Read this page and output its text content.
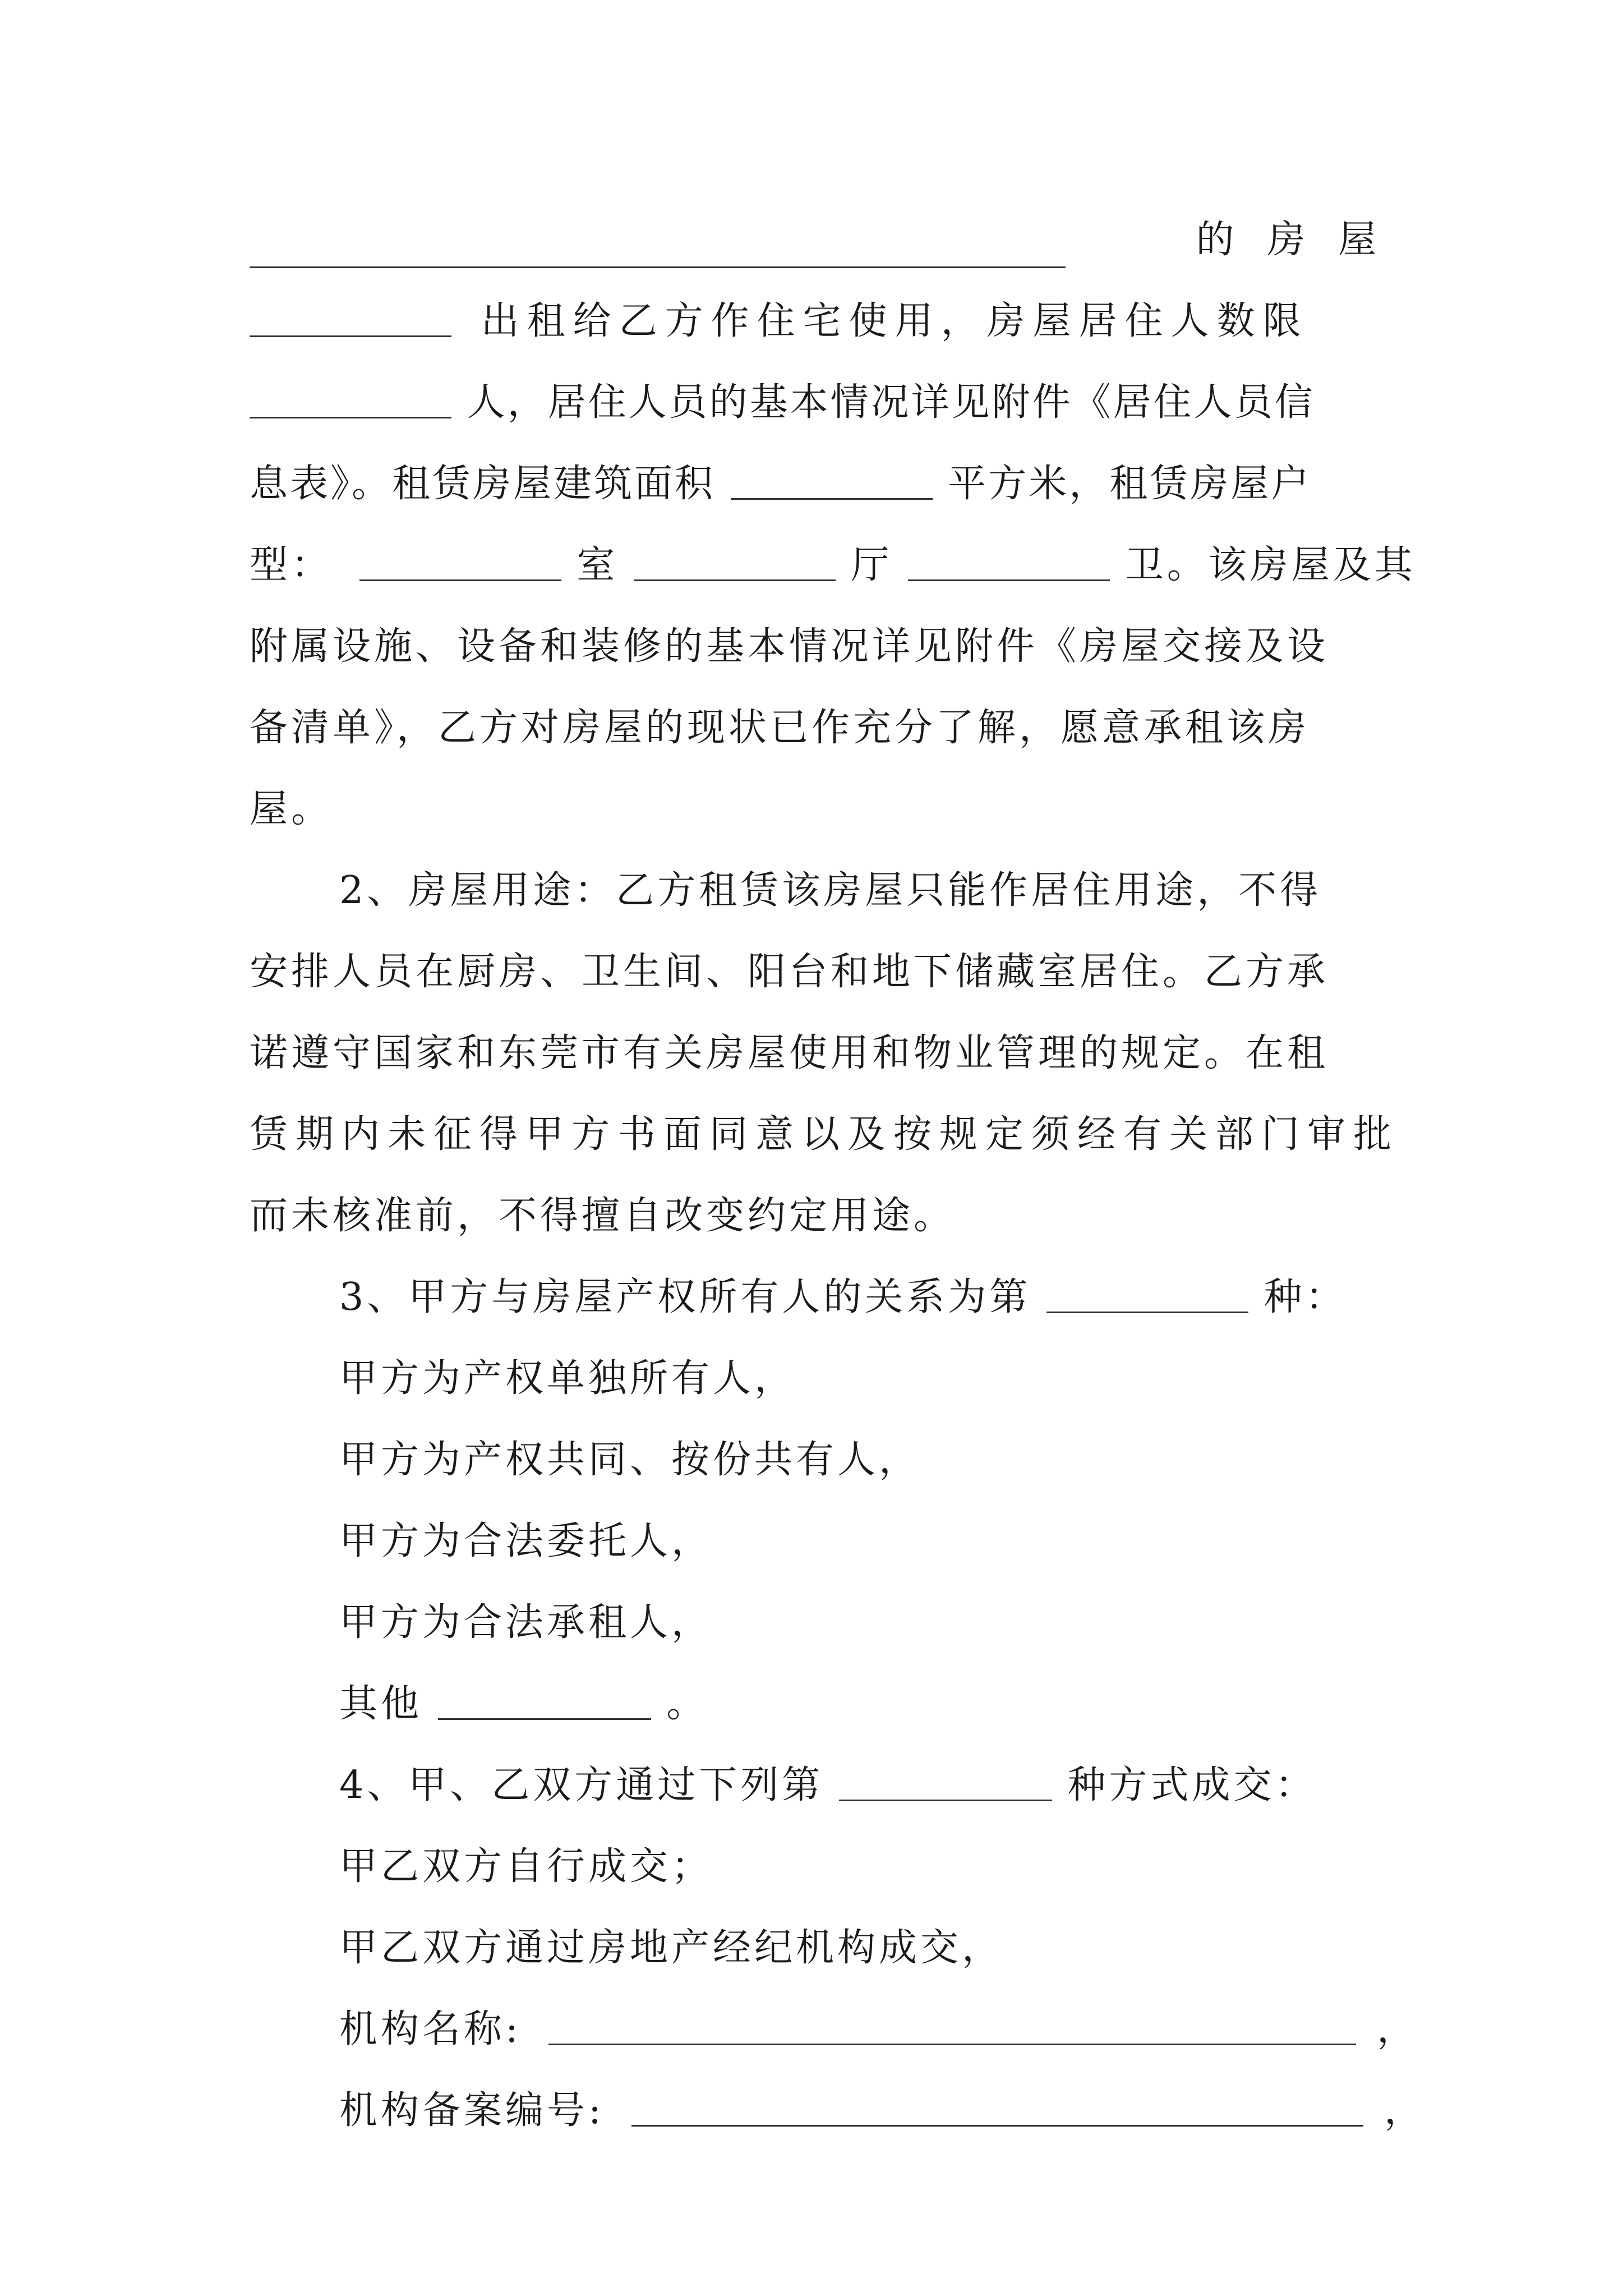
的 房 屋
出租给乙方作住宅使用，房屋居住人数限
人，居住人员的基本情况详见附件《居住人员信
息表》。租赁房屋建筑面积	平方米，租赁房屋户
型：	室	厅	卫。该房屋及其
附属设施、设备和装修的基本情况详见附件《房屋交接及设
备清单》，乙方对房屋的现状已作充分了解，愿意承租该房
屋。
2、房屋用途：乙方租赁该房屋只能作居住用途，不得
安排人员在厨房、卫生间、阳台和地下储藏室居住。乙方承
诺遵守国家和东莞市有关房屋使用和物业管理的规定。在租
赁期内未征得甲方书面同意以及按规定须经有关部门审批
而未核准前，不得擅自改变约定用途。
3、甲方与房屋产权所有人的关系为第	种：
甲方为产权单独所有人，
甲方为产权共同、按份共有人，
甲方为合法委托人，
甲方为合法承租人，
其他	。
4、甲、乙双方通过下列第	种方式成交：
甲乙双方自行成交；
甲乙双方通过房地产经纪机构成交，
机构名称:	，
机构备案编号:	，
